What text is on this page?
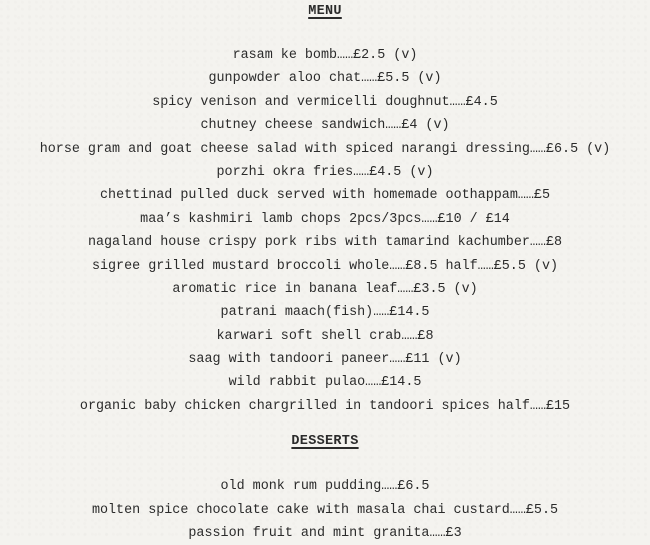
MENU
rasam ke bomb……£2.5 (v)
gunpowder aloo chat……£5.5 (v)
spicy venison and vermicelli doughnut……£4.5
chutney cheese sandwich……£4 (v)
horse gram and goat cheese salad with spiced narangi dressing……£6.5 (v)
porzhi okra fries……£4.5 (v)
chettinad pulled duck served with homemade oothappam……£5
maa’s kashmiri lamb chops 2pcs/3pcs……£10 / £14
nagaland house crispy pork ribs with tamarind kachumber……£8
sigree grilled mustard broccoli whole……£8.5 half……£5.5 (v)
aromatic rice in banana leaf……£3.5 (v)
patrani maach(fish)……£14.5
karwari soft shell crab……£8
saag with tandoori paneer……£11 (v)
wild rabbit pulao……£14.5
organic baby chicken chargrilled in tandoori spices half……£15
DESSERTS
old monk rum pudding……£6.5
molten spice chocolate cake with masala chai custard……£5.5
passion fruit and mint granita……£3
